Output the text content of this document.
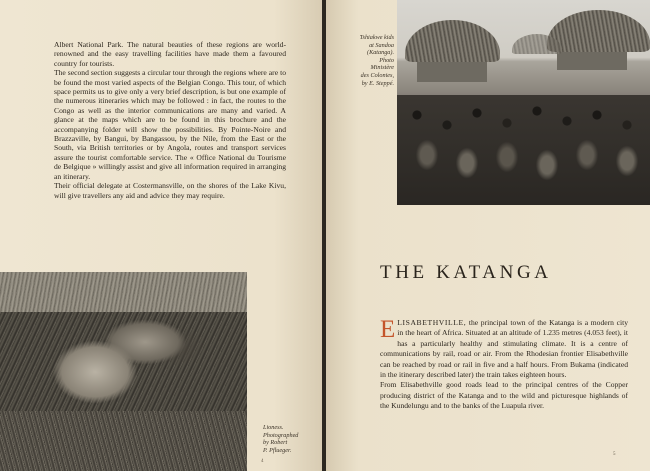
Albert National Park. The natural beauties of these regions are world-renowned and the easy travelling facilities have made them a favoured country for tourists.

The second section suggests a circular tour through the regions where are to be found the most varied aspects of the Belgian Congo. This tour, of which space permits us to give only a very brief description, is but one example of the numerous itineraries which may be followed : in fact, the routes to the Congo as well as the interior communications are many and varied. A glance at the maps which are to be found in this brochure and the accompanying folder will show the possibilities. By Pointe-Noire and Brazzaville, by Bangui, by Bangassou, by the Nile, from the East or the South, via British territories or by Angola, routes and transport services assure the tourist comfortable service. The « Office National du Tourisme de Belgique » willingly assist and give all information required in arranging an itinerary.

Their official delegate at Costermansville, on the shores of the Lake Kivu, will give travellers any aid and advice they may require.

Lioness.
Photographed
by Robert
P. Pflueger.
4
Tshiakwe kids
at Sandoa
(Katanga).
Photo
Ministère
des Colonies,
by E. Steppé.
THE KATANGA

ELISABETHVILLE, the principal town of the Katanga is a modern city in the heart of Africa. Situated at an altitude of 1.235 metres (4.053 feet), it has a particularly healthy and stimulating climate. It is a centre of communications by rail, road or air. From the Rhodesian frontier Elisabethville can be reached by road or rail in five and a half hours. From Bukama (indicated in the itinerary described later) the train takes eighteen hours.

From Elisabethville good roads lead to the principal centres of the Copper producing district of the Katanga and to the wild and picturesque highlands of the Kundelungu and to the banks of the Luapula river.

5
